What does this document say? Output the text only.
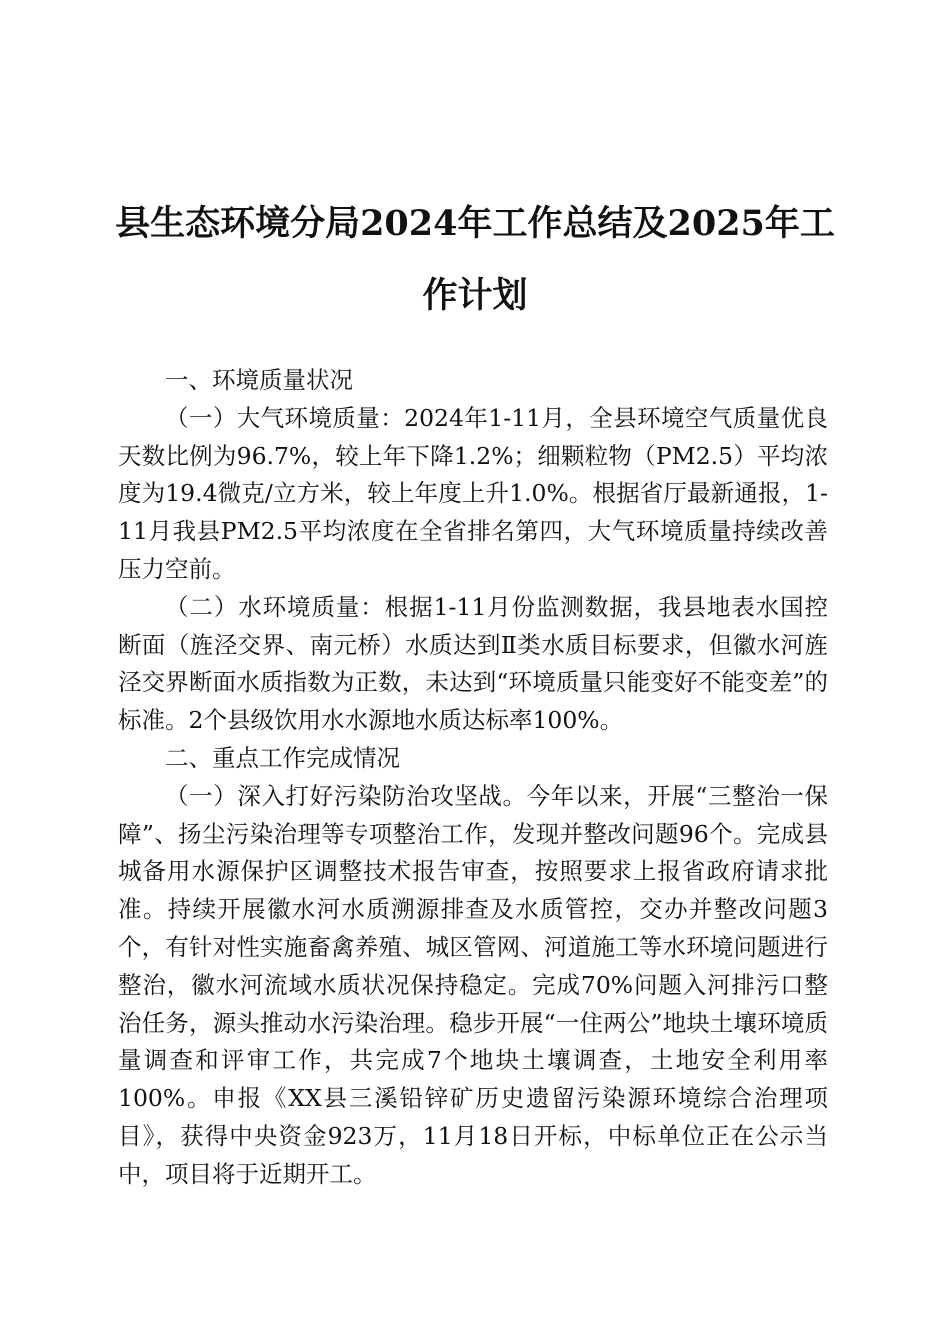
县生态环境分局2024年工作总结及2025年工作计划

一、环境质量状况

（一）大气环境质量：2024年1-11月，全县环境空气质量优良天数比例为96.7%，较上年下降1.2%；细颗粒物（PM2.5）平均浓度为19.4微克/立方米，较上年度上升1.0%。根据省厅最新通报，1-11月我县PM2.5平均浓度在全省排名第四，大气环境质量持续改善压力空前。

（二）水环境质量：根据1-11月份监测数据，我县地表水国控断面（旌泾交界、南元桥）水质达到Ⅱ类水质目标要求，但徽水河旌泾交界断面水质指数为正数，未达到“环境质量只能变好不能变差”的标准。2个县级饮用水水源地水质达标率100%。

二、重点工作完成情况

（一）深入打好污染防治攻坚战。今年以来，开展“三整治一保障”、扬尘污染治理等专项整治工作，发现并整改问题96个。完成县城备用水源保护区调整技术报告审查，按照要求上报省政府请求批准。持续开展徽水河水质溯源排查及水质管控，交办并整改问题3个，有针对性实施畜禽养殖、城区管网、河道施工等水环境问题进行整治，徽水河流域水质状况保持稳定。完成70%问题入河排污口整治任务，源头推动水污染治理。稳步开展“一住两公”地块土壤环境质量调查和评审工作，共完成7个地块土壤调查，土地安全利用率100%。申报《XX县三溪铅锌矿历史遗留污染源环境综合治理项目》，获得中央资金923万，11月18日开标，中标单位正在公示当中，项目将于近期开工。
